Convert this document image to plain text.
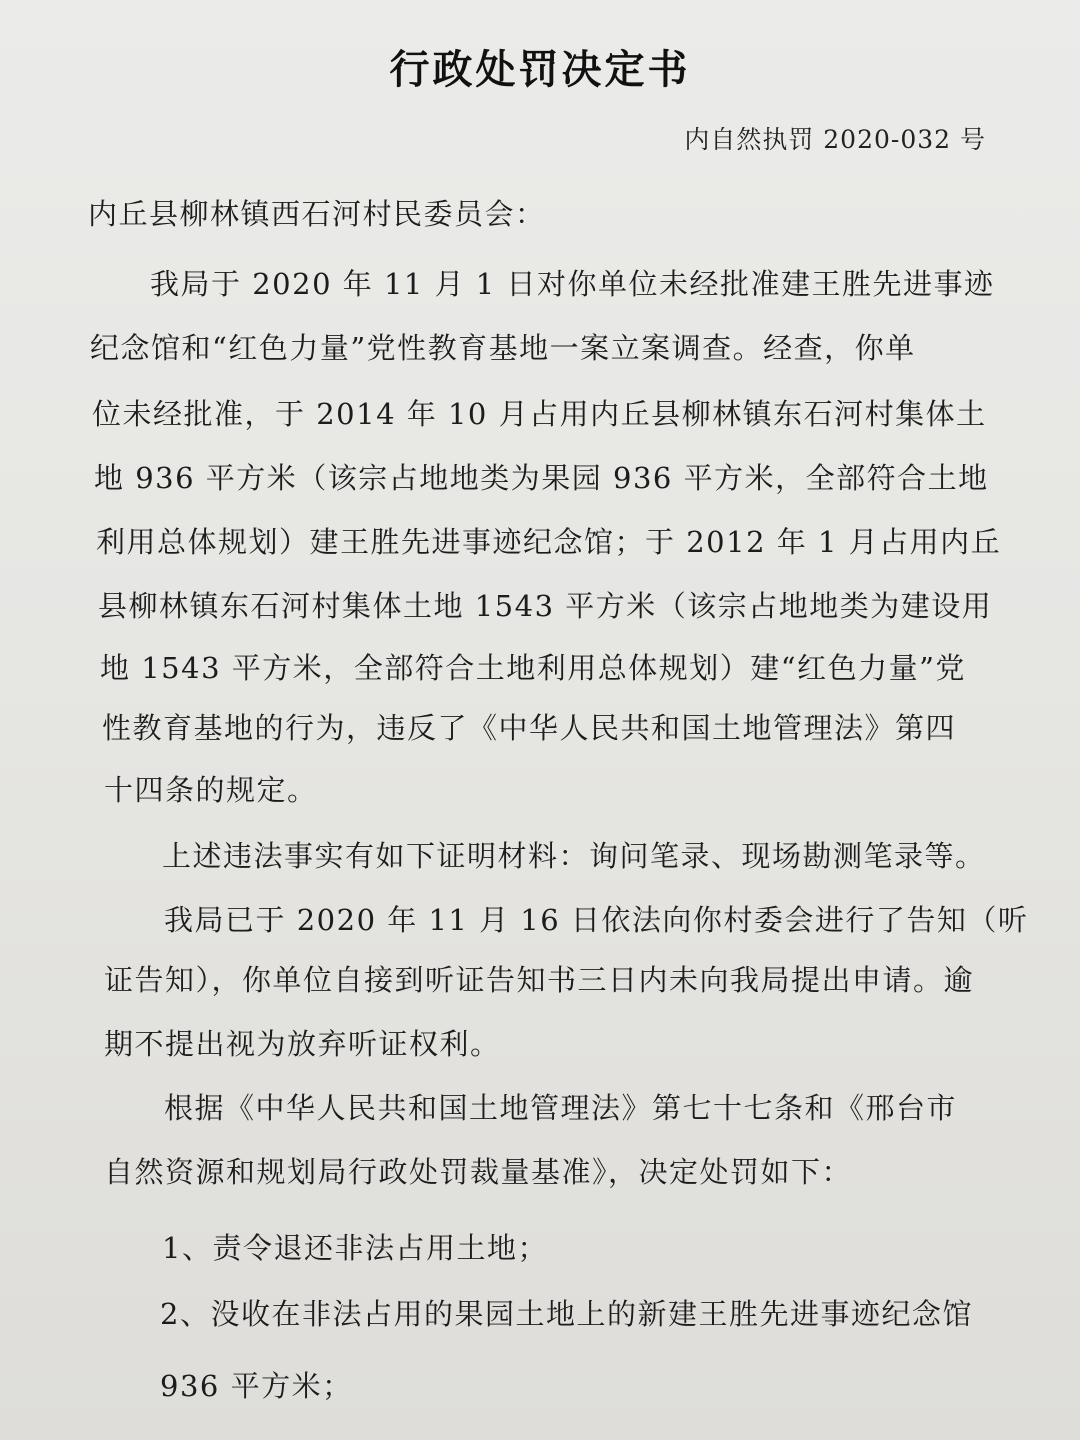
行政处罚决定书
内自然执罚 2020-032 号
内丘县柳林镇西石河村民委员会：
我局于 2020 年 11 月 1 日对你单位未经批准建王胜先进事迹
纪念馆和“红色力量”党性教育基地一案立案调查。经查，你单
位未经批准，于 2014 年 10 月占用内丘县柳林镇东石河村集体土
地 936 平方米（该宗占地地类为果园 936 平方米，全部符合土地
利用总体规划）建王胜先进事迹纪念馆；于 2012 年 1 月占用内丘
县柳林镇东石河村集体土地 1543 平方米（该宗占地地类为建设用
地 1543 平方米，全部符合土地利用总体规划）建“红色力量”党
性教育基地的行为，违反了《中华人民共和国土地管理法》第四
十四条的规定。
上述违法事实有如下证明材料：询问笔录、现场勘测笔录等。
我局已于 2020 年 11 月 16 日依法向你村委会进行了告知（听
证告知），你单位自接到听证告知书三日内未向我局提出申请。逾
期不提出视为放弃听证权利。
根据《中华人民共和国土地管理法》第七十七条和《邢台市
自然资源和规划局行政处罚裁量基准》，决定处罚如下：
1、责令退还非法占用土地；
2、没收在非法占用的果园土地上的新建王胜先进事迹纪念馆
936 平方米；
